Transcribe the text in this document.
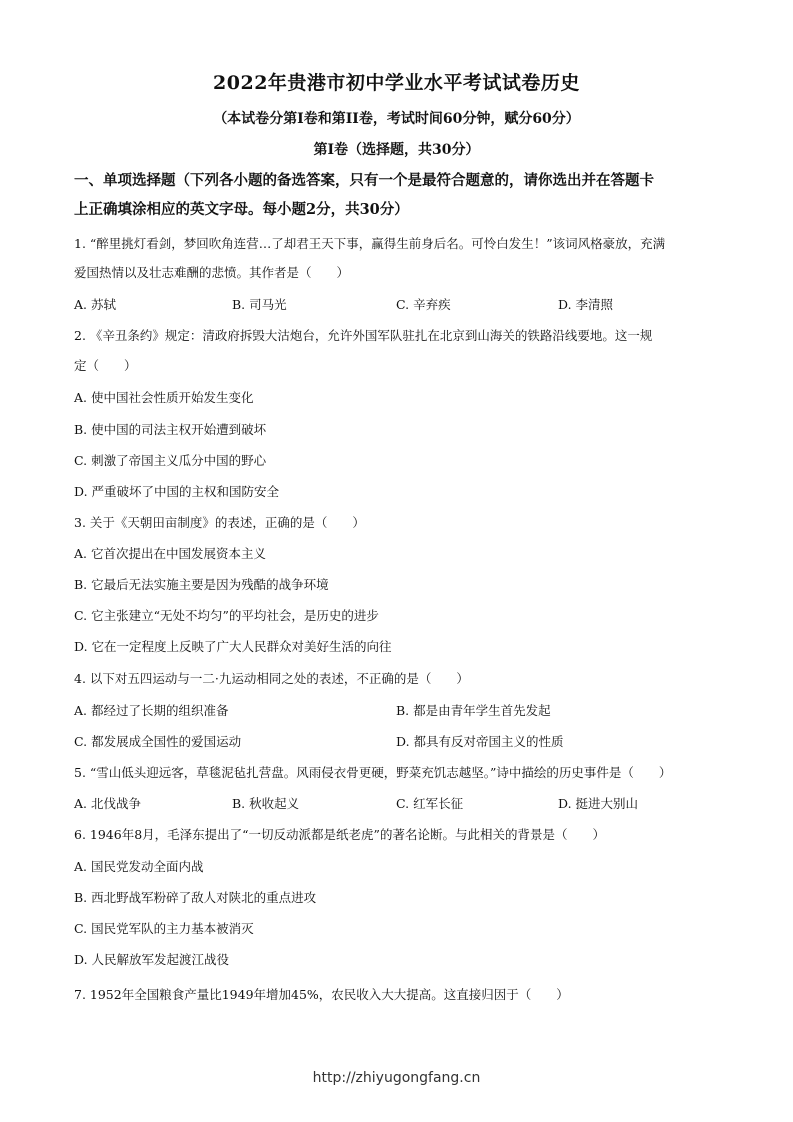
2022年贵港市初中学业水平考试试卷历史
（本试卷分第I卷和第II卷，考试时间60分钟，赋分60分）
第I卷（选择题，共30分）
一、单项选择题（下列各小题的备选答案，只有一个是最符合题意的，请你选出并在答题卡
上正确填涂相应的英文字母。每小题2分，共30分）
1. “醉里挑灯看剑，梦回吹角连营…了却君王天下事，赢得生前身后名。可怜白发生！”该词风格豪放，充满
爱国热情以及壮志难酬的悲愤。其作者是（　　）
A. 苏轼	B. 司马光	C. 辛弃疾	D. 李清照
2. 《辛丑条约》规定：清政府拆毁大沽炮台，允许外国军队驻扎在北京到山海关的铁路沿线要地。这一规
定（　　）
A. 使中国社会性质开始发生变化
B. 使中国的司法主权开始遭到破坏
C. 刺激了帝国主义瓜分中国的野心
D. 严重破坏了中国的主权和国防安全
3. 关于《天朝田亩制度》的表述，正确的是（　　）
A. 它首次提出在中国发展资本主义
B. 它最后无法实施主要是因为残酷的战争环境
C. 它主张建立“无处不均匀”的平均社会，是历史的进步
D. 它在一定程度上反映了广大人民群众对美好生活的向往
4. 以下对五四运动与一二·九运动相同之处的表述，不正确的是（　　）
A. 都经过了长期的组织准备	B. 都是由青年学生首先发起
C. 都发展成全国性的爱国运动	D. 都具有反对帝国主义的性质
5. “雪山低头迎远客，草毯泥毡扎营盘。风雨侵衣骨更硬，野菜充饥志越坚。”诗中描绘的历史事件是（　　）
A. 北伐战争	B. 秋收起义	C. 红军长征	D. 挺进大别山
6. 1946年8月，毛泽东提出了“一切反动派都是纸老虎”的著名论断。与此相关的背景是（　　）
A. 国民党发动全面内战
B. 西北野战军粉碎了敌人对陕北的重点进攻
C. 国民党军队的主力基本被消灭
D. 人民解放军发起渡江战役
7. 1952年全国粮食产量比1949年增加45%，农民收入大大提高。这直接归因于（　　）
http://zhiyugongfang.cn
